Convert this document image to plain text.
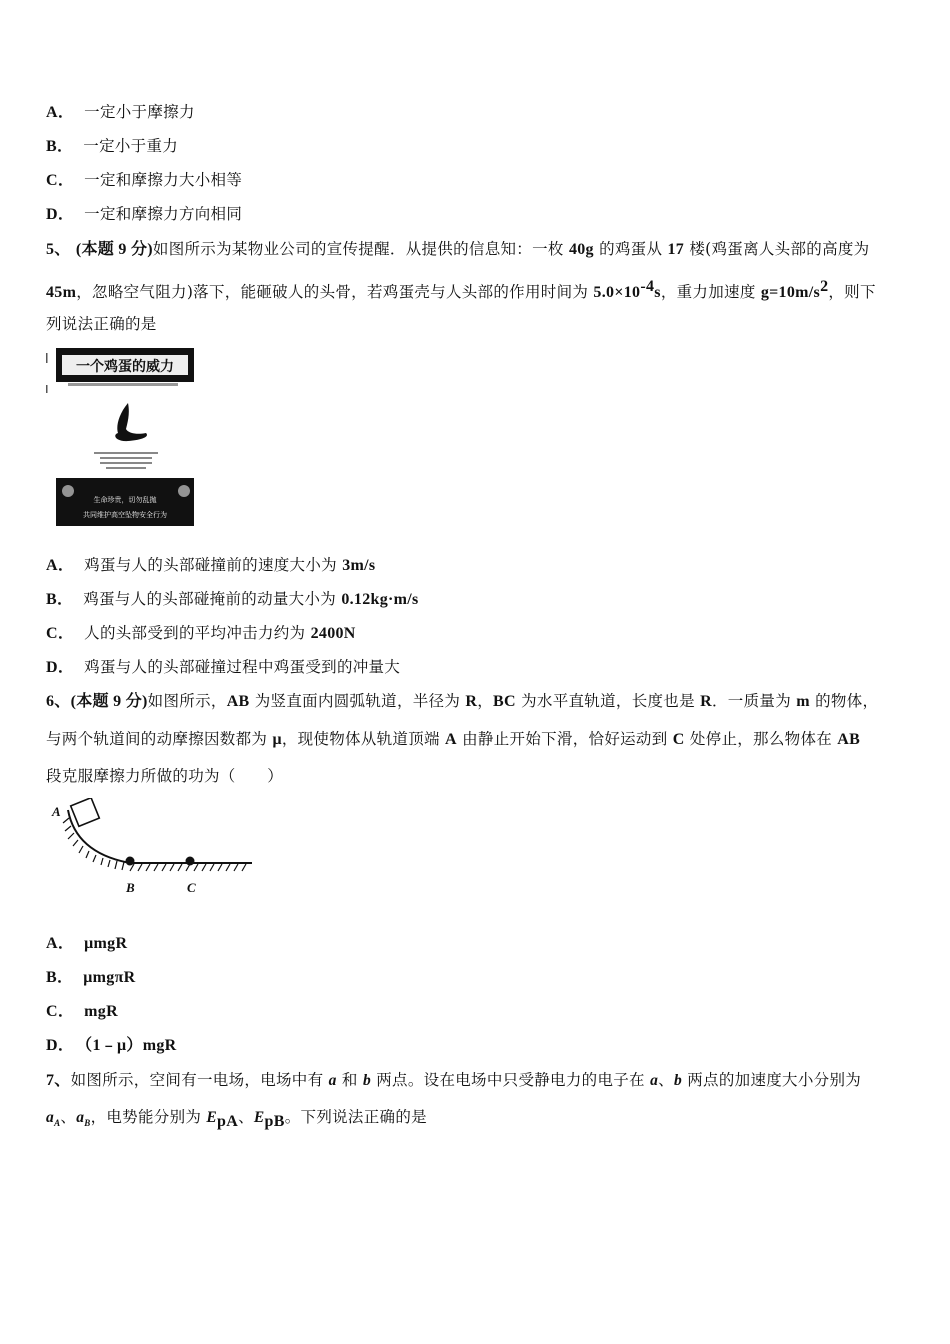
A． 一定小于摩擦力
B． 一定小于重力
C． 一定和摩擦力大小相等
D． 一定和摩擦力方向相同
5、 (本题 9 分)如图所示为某物业公司的宣传提醒．从提供的信息知：一枚 40g 的鸡蛋从 17 楼(鸡蛋离人头部的高度为
45m，忽略空气阻力)落下，能砸破人的头骨，若鸡蛋壳与人头部的作用时间为 $5.0\times 10^{-4}s$，重力加速度 $g=10m/s^2$，则下
列说法正确的是
一个鸡蛋的威力
生命珍贵，切勿乱抛
共同维护高空坠物安全行为
A． 鸡蛋与人的头部碰撞前的速度大小为 3m/s
B． 鸡蛋与人的头部碰掩前的动量大小为 0.12kg·m/s
C． 人的头部受到的平均冲击力约为 2400N
D． 鸡蛋与人的头部碰撞过程中鸡蛋受到的冲量大
6、(本题 9 分)如图所示，AB 为竖直面内圆弧轨道，半径为 R，BC 为水平直轨道，长度也是 R．一质量为 m 的物体，
与两个轨道间的动摩擦因数都为 μ，现使物体从轨道顶端 A 由静止开始下滑，恰好运动到 C 处停止，那么物体在 AB
段克服摩擦力所做的功为（　　）
A
B	C
A． μmgR
B． μmgπR
C． mgR
D． （1﹣μ）mgR
7、如图所示，空间有一电场，电场中有 a 和 b 两点。设在电场中只受静电力的电子在 a、b 两点的加速度大小分别为
$a_A$、$a_B$，电势能分别为 $E_{pA}$、$E_{pB}$。下列说法正确的是
